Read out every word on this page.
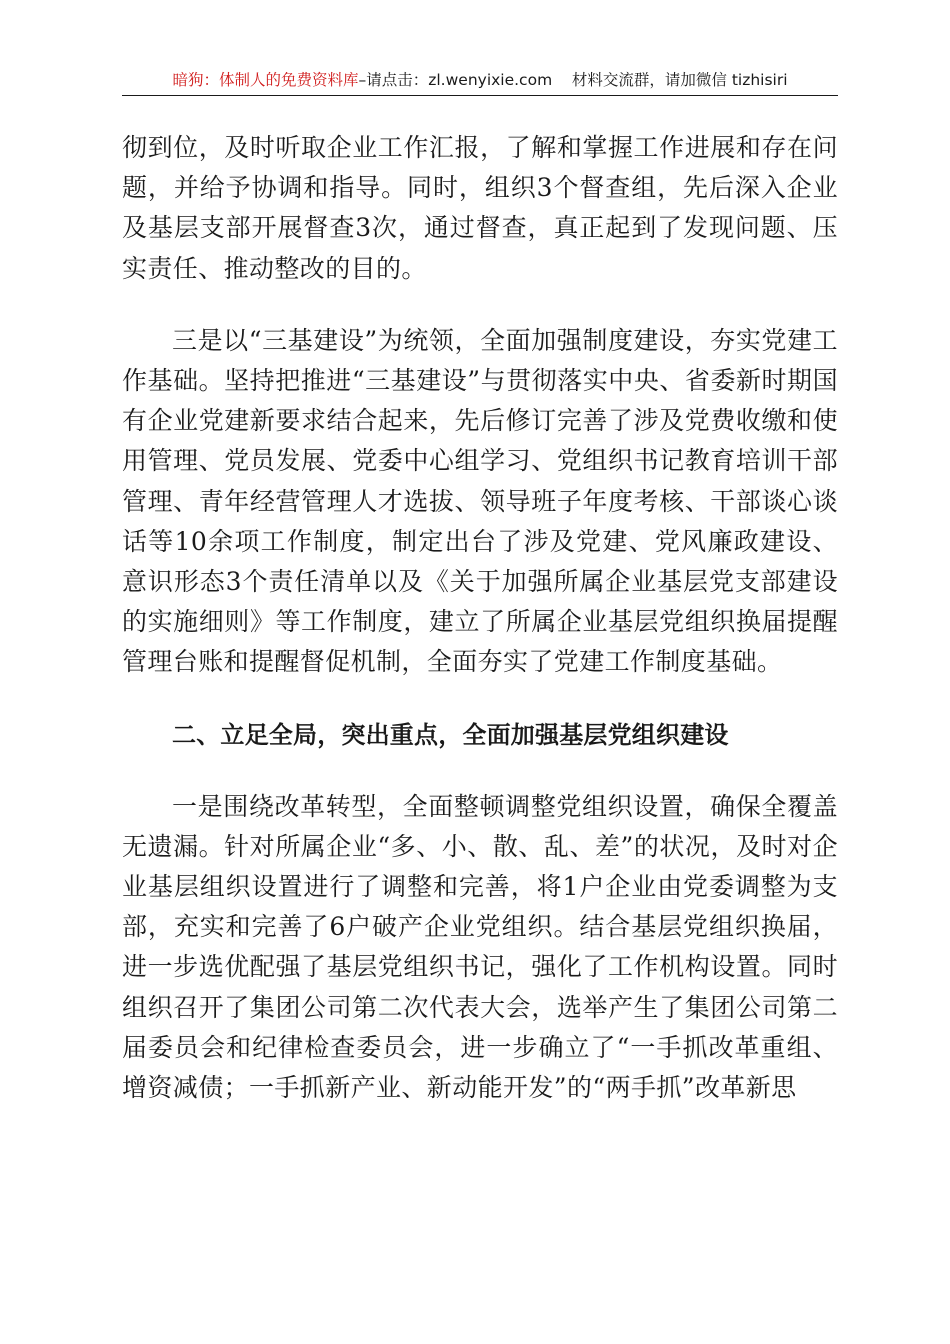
暗狗：体制人的免费资料库–请点击：zl.wenyixie.com 材料交流群，请加微信 tizhisiri

彻到位，及时听取企业工作汇报，了解和掌握工作进展和存在问题，并给予协调和指导。同时，组织3个督查组，先后深入企业及基层支部开展督查3次，通过督查，真正起到了发现问题、压实责任、推动整改的目的。

三是以“三基建设”为统领，全面加强制度建设，夯实党建工作基础。坚持把推进“三基建设”与贯彻落实中央、省委新时期国有企业党建新要求结合起来，先后修订完善了涉及党费收缴和使用管理、党员发展、党委中心组学习、党组织书记教育培训干部管理、青年经营管理人才选拔、领导班子年度考核、干部谈心谈话等10余项工作制度，制定出台了涉及党建、党风廉政建设、意识形态3个责任清单以及《关于加强所属企业基层党支部建设的实施细则》等工作制度，建立了所属企业基层党组织换届提醒管理台账和提醒督促机制，全面夯实了党建工作制度基础。

二、立足全局，突出重点，全面加强基层党组织建设

一是围绕改革转型，全面整顿调整党组织设置，确保全覆盖无遗漏。针对所属企业“多、小、散、乱、差”的状况，及时对企业基层组织设置进行了调整和完善，将1户企业由党委调整为支部，充实和完善了6户破产企业党组织。结合基层党组织换届，进一步选优配强了基层党组织书记，强化了工作机构设置。同时组织召开了集团公司第二次代表大会，选举产生了集团公司第二届委员会和纪律检查委员会，进一步确立了“一手抓改革重组、增资减债；一手抓新产业、新动能开发”的“两手抓”改革新思
